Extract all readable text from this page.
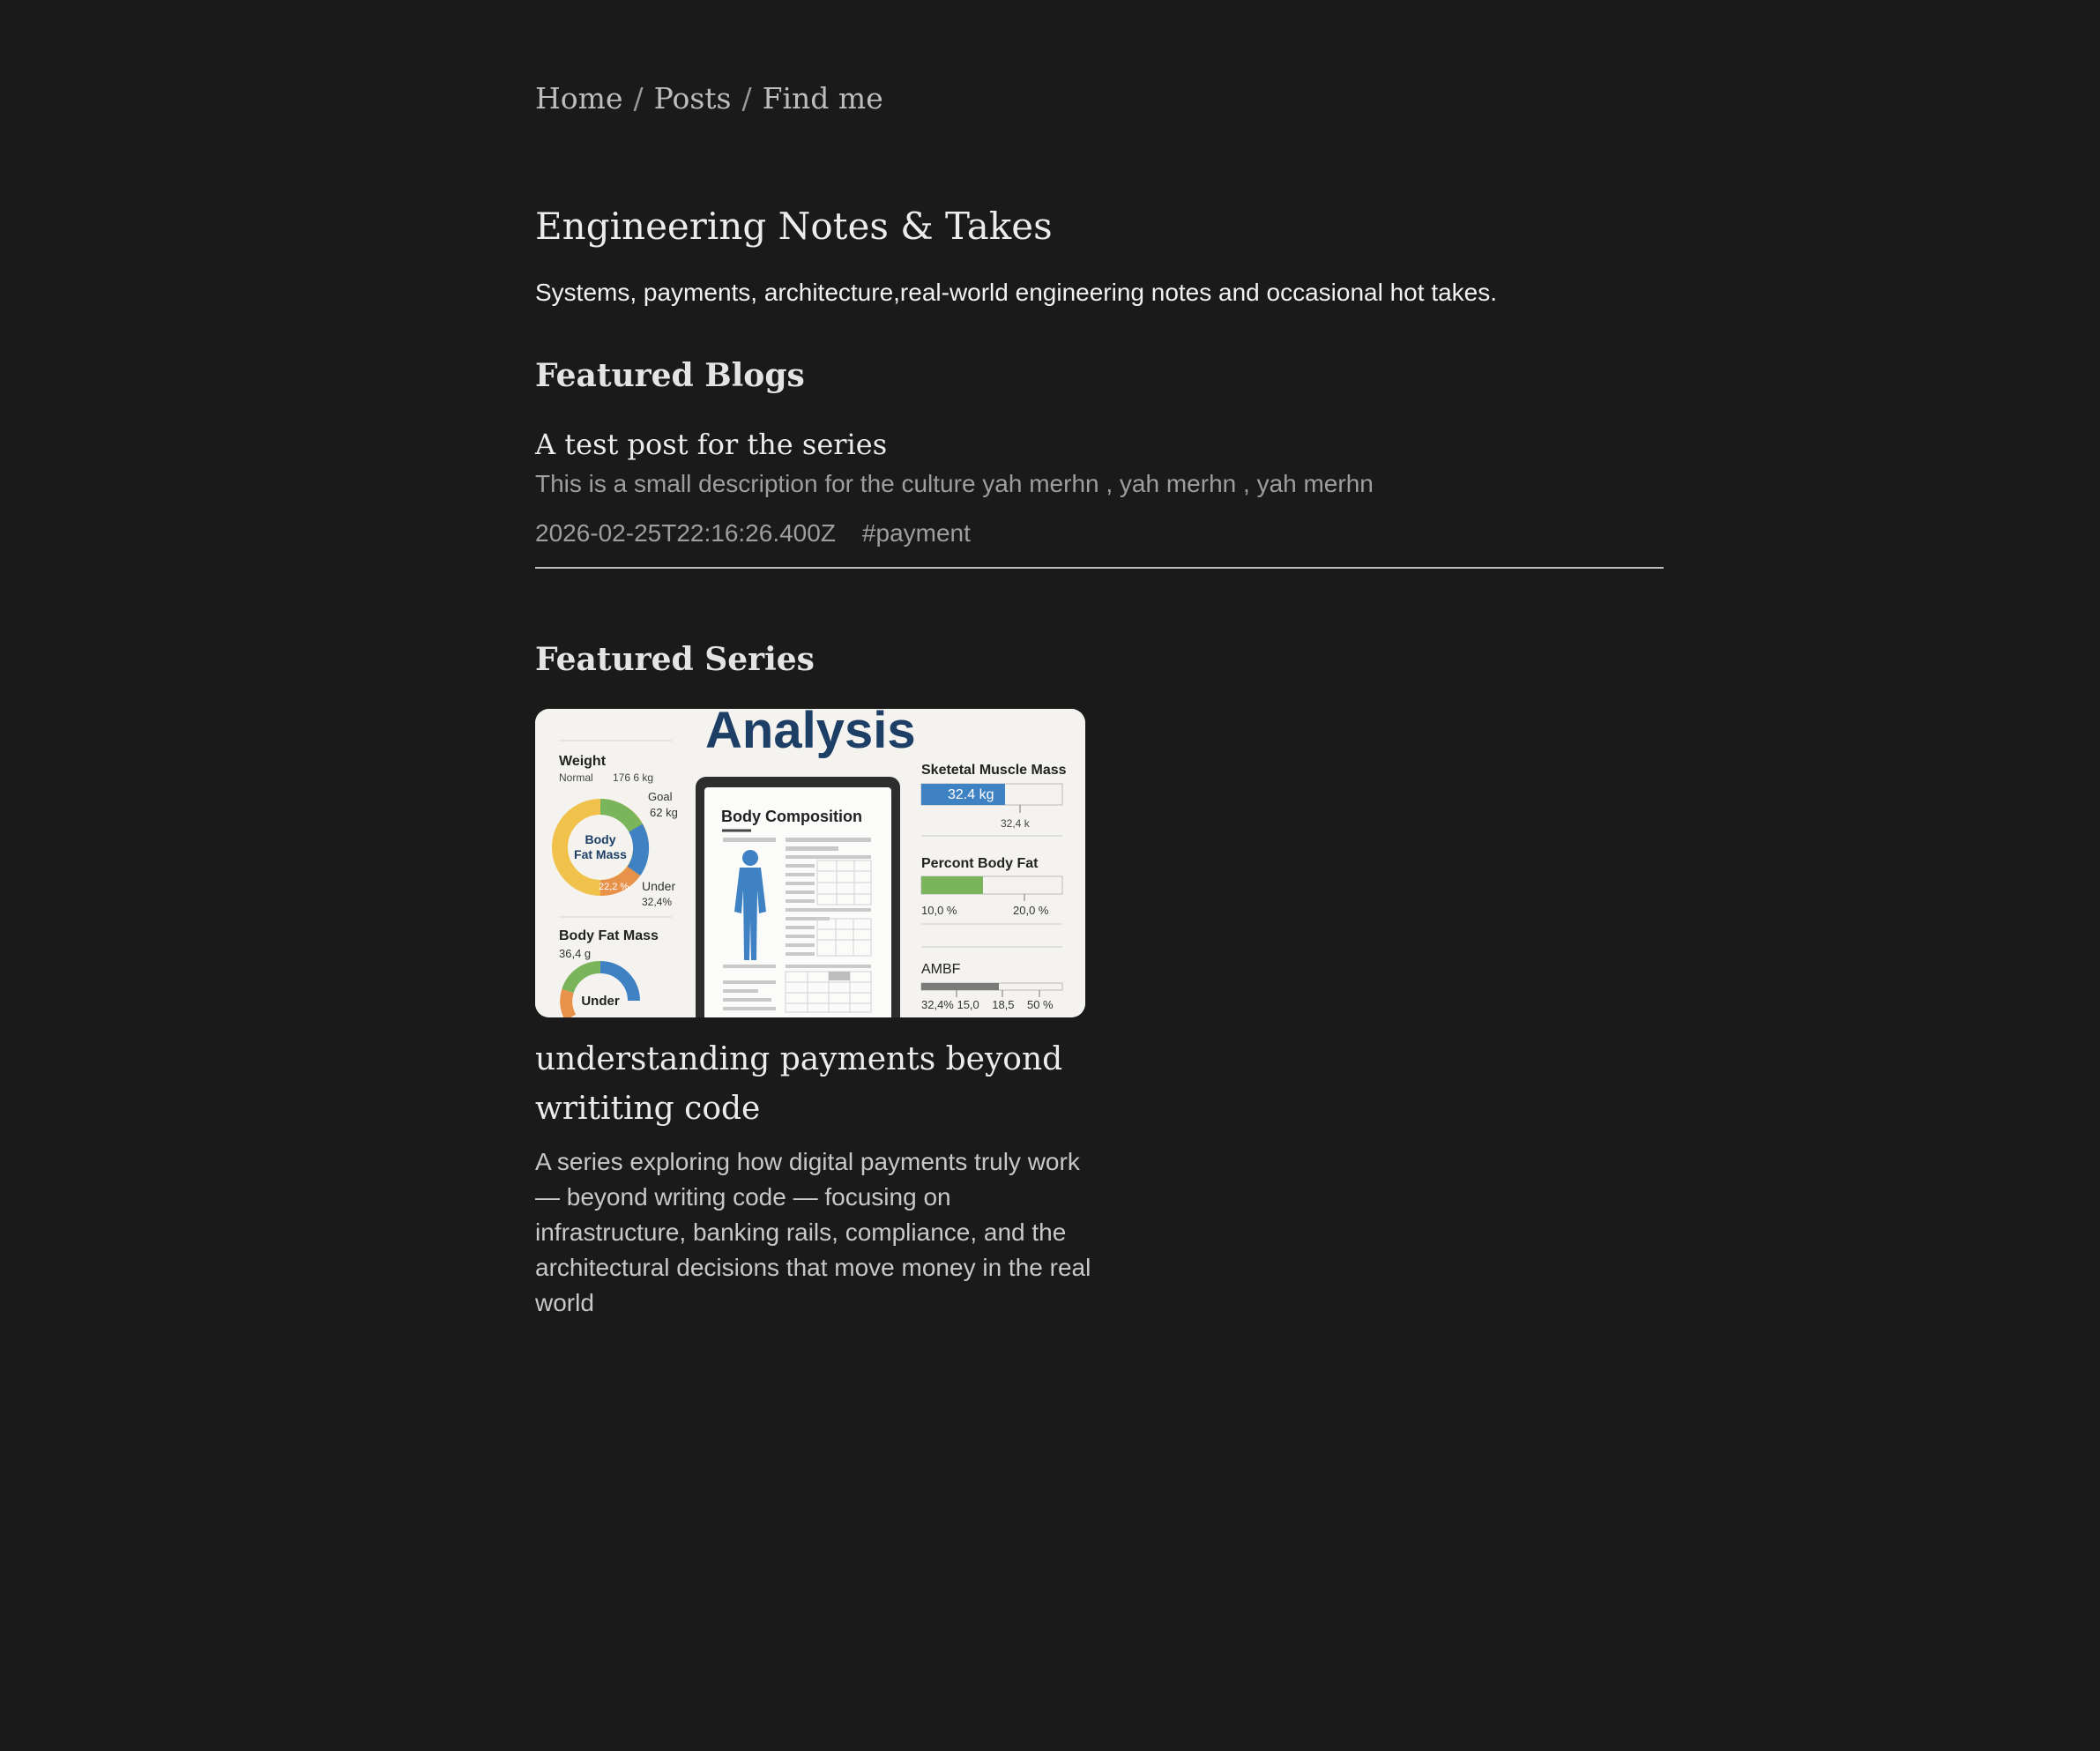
Home / Posts / Find me
Engineering Notes & Takes
Systems, payments, architecture,real-world engineering notes and occasional hot takes.
Featured Blogs
A test post for the series
This is a small description for the culture yah merhn , yah merhn , yah merhn
2026-02-25T22:16:26.400Z #payment
Featured Series
Analysis
Weight
Normal 176 6 kg
Goal
62 kg
Body
Fat Mass
22,2 % Under
32,4%
Body Fat Mass
36,4 g
Under
Body Composition
Sketetal Muscle Mass
32.4 kg
32,4 k
Percont Body Fat
10,0 %	20,0 %
AMBF
32,4% 15,0    18,5    50 %
understanding payments beyond writiting code
A series exploring how digital payments truly work — beyond writing code — focusing on infrastructure, banking rails, compliance, and the architectural decisions that move money in the real world
